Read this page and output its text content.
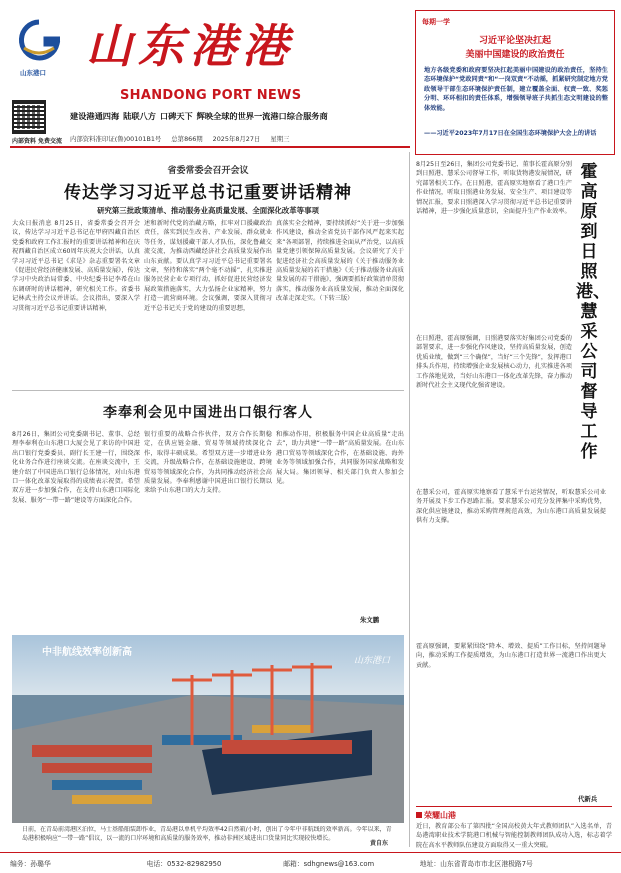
山东港口 山东港港
SHANDONG PORT NEWS
内部资料 免费交流
建设港通四海 陆联八方 口碑天下 辉映全球的世界一流港口综合服务商
内部资料准印证(鲁)00101B1号 总第866期 2025年8月27日 星期三
每期一学
习近平论坚决扛起
美丽中国建设的政治责任
地方各级党委和政府要坚决扛起美丽中国建设的政治责任，坚持生态环境保护“党政同责”和“一岗双责”不动摇，抓紧研究制定地方党政领导干部生态环境保护责任制，建立覆盖全面、权责一致、奖惩分明、环环相扣的责任体系，增强领导班子共抓生态文明建设的整体效能。
——习近平2023年7月17日在全国生态环境保护大会上的讲话
省委常委会召开会议
传达学习习近平总书记重要讲话精神
研究第三批政策清单、推动服务业高质量发展、全面深化改革等事项
大众日报消息 8月25日，省委常委会召开会议，传达学习习近平总书记在甲府四藏自治区党委和政府工作汇报时的重要讲话精神和在庆祝西藏自治区成立60周年庆祝大会讲话，认真学习习近平总书记《求是》杂志重要署名文章《促进民营经济健康发展、高质量发展》，传达学习中央政治局常委、中央纪委书记李希在山东调研时的讲话精神，研究相关工作。省委书记林武主持会议并讲话。会议指出，要深入学习贯彻习近平总书记重要讲话精神，
述和新时代党的治藏方略，扛牢对口援藏政治责任，落实到民生改善、产业发展、群众就业等任务，谋划援藏干部人才队伍，深化鲁藏交流交流，为推动西藏经济社会高质量发展作出山东贡献。要认真学习习近平总书记重要署名文章，坚持和落实“两个毫不动摇”，扎实推进服务民营企业专项行动，抓好促进民营经济发展政策措施落实，大力弘扬企业家精神，努力打造一流营商环境。会议强调，要深入贯彻习近平总书记关于党的建设的重要思想，
真落实全会精神，要持续抓好“关于进一步加强作风建设，推动全省党员干部作风严起来实起来”各项部署，持续推进全面从严治党，以高质量党建引领保障高质量发展。会议研究了关于促进经济社会高质量发展的《关于推动服务业高质量发展的若干措施》《关于推动服务业高质量发展的若干措施》，强调要抓好政策清单贯彻落实，推动服务业高质量发展，推动全面深化改革走深走实。（下转三版）
李奉利会见中国进出口银行客人
8月26日，集团公司党委副书记、董事、总经理李奉利在山东港口大厦会见了来访的中国进出口银行党委委员、副行长王建一行，围绕深化业务合作进行座谈交流。在座谈交流中，王建介绍了中国进出口银行总体情况，对山东港口一体化改革发展取得的成绩表示祝贺。希望双方进一步加强合作，在支持山东港口国际化发展、服务“一带一路”建设等方面深化合作。
银行重要的战略合作伙伴，双方合作长期稳定，在供应链金融、贸易等领域持续深化合作，取得丰硕成果。希望双方进一步增进业务交流，升级战略合作，在基础设施建设、跨境贸易等领域深化合作，为共同推动经济社会高质量发展。李奉利感谢中国进出口银行长期以来给予山东港口的大力支持。
和推动作用，积极服务中国企业高质量“走出去”，助力共建“一带一路”高质量发展。在山东港口贸易等领域深化合作，在基础设施、海外业务等领域加强合作，共同服务国家战略和发展大局。集团领导、相关部门负责人参加会见。
朱文鹏
中非航线效率创新高
山东港口
日前，在青岛前湾港区泊位，马士基船舶装卸作业，青岛港以单机平均效率42自然箱/小时，创出了今年中非航线的效率新高。今年以来，青岛港积极响应“一带一路”倡议，以一流的口岸环境和高质量的服务效率，推动非洲区域进出口货量同比实现较快增长。
黄自东
霍高原到日照港、慧采公司督导工作
8月25日至26日，集团公司党委书记、董事长霍高原分别到日照港、慧采公司督导工作，听取货物港发展情况，研究部署相关工作。在日照港，霍高原实地察看了港口生产作业情况，听取日照港业务发展、安全生产、项目建设等情况汇报，要求日照港深入学习贯彻习近平总书记重要讲话精神，进一步强化质量意识，全面提升生产作业效率。
在日照港，霍高原强调，日照港要落实好集团公司党委的部署要求，进一步强化作风建设，坚持高质量发展，创造优质业绩，做到“三个确保”，当好“三个先锋”，发挥港口排头兵作用，持续增强企业发展核心动力，扎实推进各项工作落地见效，当好山东港口一体化改革先锋，奋力推动新时代社会主义现代化强省建设。
在慧采公司，霍高原实地察看了慧采平台运营情况，听取慧采公司业务开展及下步工作思路汇报。要求慧采公司充分发挥集中采购优势，深化供应链建设，推动采购管理规范高效，为山东港口高质量发展提供有力支撑。
霍高原强调，要紧紧围绕“降本、增效、提质”工作目标，坚持问题导向，推动采购工作提质增效，为山东港口打造世界一流港口作出更大贡献。
代新兵
荣耀山港
近日，教育部公布了第四批“全国高校黄大年式教师团队”入选名单，青岛港湾职业技术学院港口机械与智能控制教师团队成功入选，标志着学院在高水平教师队伍建设方面取得又一重大突破。
编务：孙璐华	电话：0532-82982950	邮箱：sdhgnews@163.com	地址：山东省青岛市市北区港极路7号
